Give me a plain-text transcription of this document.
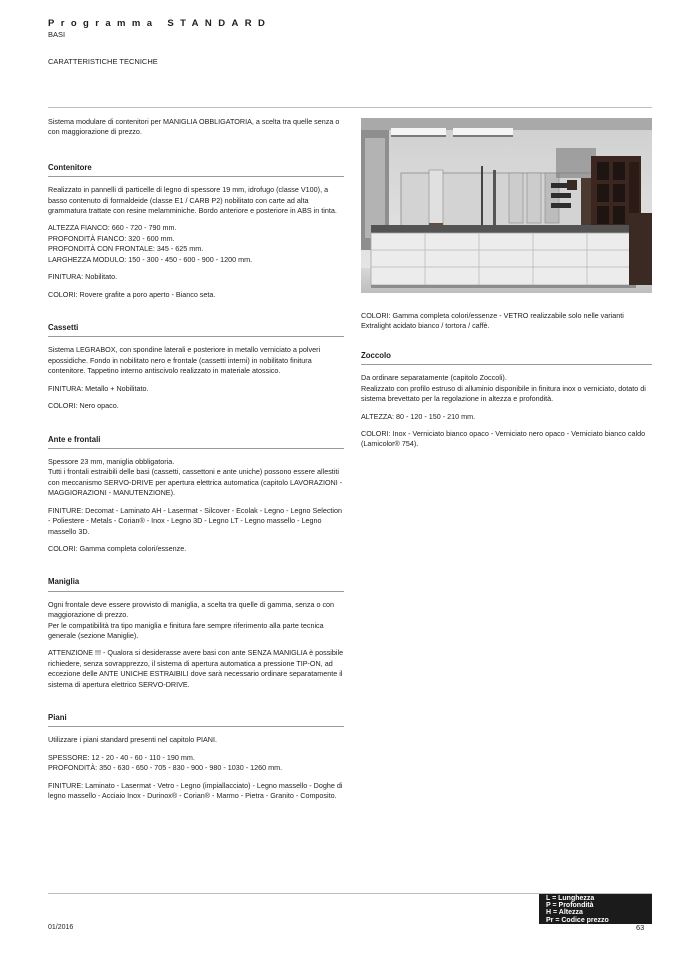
Programma STANDARD
BASI
CARATTERISTICHE TECNICHE

Sistema modulare di contenitori per MANIGLIA OBBLIGATORIA, a scelta tra quelle senza o con maggiorazione di prezzo.

Contenitore

Realizzato in pannelli di particelle di legno di spessore 19 mm, idrofugo (classe V100), a basso contenuto di formaldeide (classe E1 / CARB P2) nobilitato con carte ad alta grammatura trattate con resine melamminiche. Bordo anteriore e posteriore in ABS in tinta.

ALTEZZA FIANCO: 660 - 720 - 790 mm.
PROFONDITÀ FIANCO: 320 - 600 mm.
PROFONDITÀ CON FRONTALE: 345 - 625 mm.
LARGHEZZA MODULO: 150 - 300 - 450 - 600 - 900 - 1200 mm.

FINITURA: Nobilitato.

COLORI: Rovere grafite a poro aperto - Bianco seta.

Cassetti

Sistema LEGRABOX, con spondine laterali e posteriore in metallo verniciato a polveri epossidiche. Fondo in nobilitato nero e frontale (cassetti interni) in nobilitato finitura contenitore. Tappetino interno antiscivolo realizzato in materiale atossico.

FINITURA: Metallo + Nobilitato.

COLORI: Nero opaco.

Ante e frontali

Spessore 23 mm, maniglia obbligatoria.
Tutti i frontali estraibili delle basi (cassetti, cassettoni e ante uniche) possono essere allestiti con meccanismo SERVO-DRIVE per apertura elettrica automatica (capitolo LAVORAZIONI - MAGGIORAZIONI - MANUTENZIONE).

FINITURE: Decomat - Laminato AH - Lasermat - Silcover - Ecolak - Legno - Legno Selection - Poliestere - Metals - Corian® - Inox - Legno 3D - Legno LT - Legno massello - Legno massello 3D.

COLORI: Gamma completa colori/essenze.

Maniglia

Ogni frontale deve essere provvisto di maniglia, a scelta tra quelle di gamma, senza o con maggiorazione di prezzo.
Per le compatibilità tra tipo maniglia e finitura fare sempre riferimento alla parte tecnica generale (sezione Maniglie).

ATTENZIONE !!! - Qualora si desiderasse avere basi con ante SENZA MANIGLIA è possibile richiedere, senza sovrapprezzo, il sistema di apertura automatica a pressione TIP-ON, ad eccezione delle ANTE UNICHE ESTRAIBILI dove sarà necessario ordinare separatamente il sistema di apertura elettrico SERVO-DRIVE.

Piani

Utilizzare i piani standard presenti nel capitolo PIANI.

SPESSORE: 12 - 20 - 40 - 60 - 110 - 190 mm.
PROFONDITÀ: 350 - 630 - 650 - 705 - 830 - 900 - 980 - 1030 - 1260 mm.

FINITURE: Laminato - Lasermat - Vetro - Legno (impiallacciato) - Legno massello - Doghe di legno massello - Acciaio Inox - Durinox® - Corian® - Marmo - Pietra - Granito - Composito.

COLORI: Gamma completa colori/essenze - VETRO realizzabile solo nelle varianti Extralight acidato bianco / tortora / caffè.
Zoccolo

Da ordinare separatamente (capitolo Zoccoli).
Realizzato con profilo estruso di alluminio disponibile in finitura inox o verniciato, dotato di sistema brevettato per la regolazione in altezza e profondità.

ALTEZZA: 80 - 120 - 150 - 210 mm.

COLORI: Inox - Verniciato bianco opaco - Verniciato nero opaco - Verniciato bianco caldo (Lamicolor® 754).

L = Lunghezza
P = Profondità
H = Altezza
Pr = Codice prezzo
01/2016	63
